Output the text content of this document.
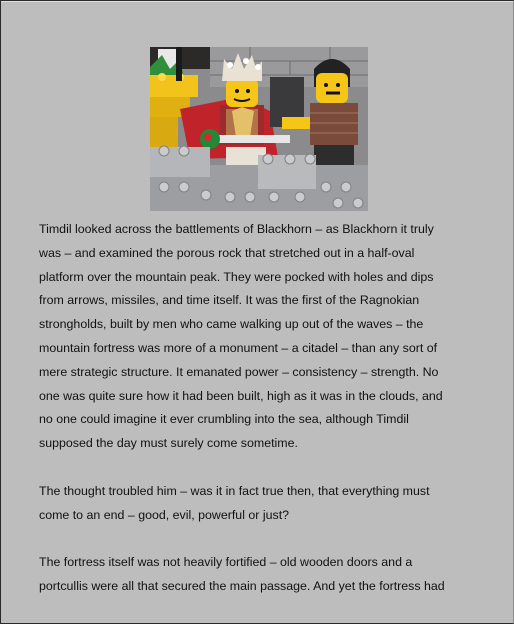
Timdil looked across the battlements of Blackhorn – as Blackhorn it truly
was – and examined the porous rock that stretched out in a half-oval
platform over the mountain peak. They were pocked with holes and dips
from arrows, missiles, and time itself. It was the first of the Ragnokian
strongholds, built by men who came walking up out of the waves – the
mountain fortress was more of a monument – a citadel – than any sort of
mere strategic structure. It emanated power – consistency – strength. No
one was quite sure how it had been built, high as it was in the clouds, and
no one could imagine it ever crumbling into the sea, although Timdil
supposed the day must surely come sometime.

The thought troubled him – was it in fact true then, that everything must
come to an end – good, evil, powerful or just?

The fortress itself was not heavily fortified – old wooden doors and a
portcullis were all that secured the main passage. And yet the fortress had
